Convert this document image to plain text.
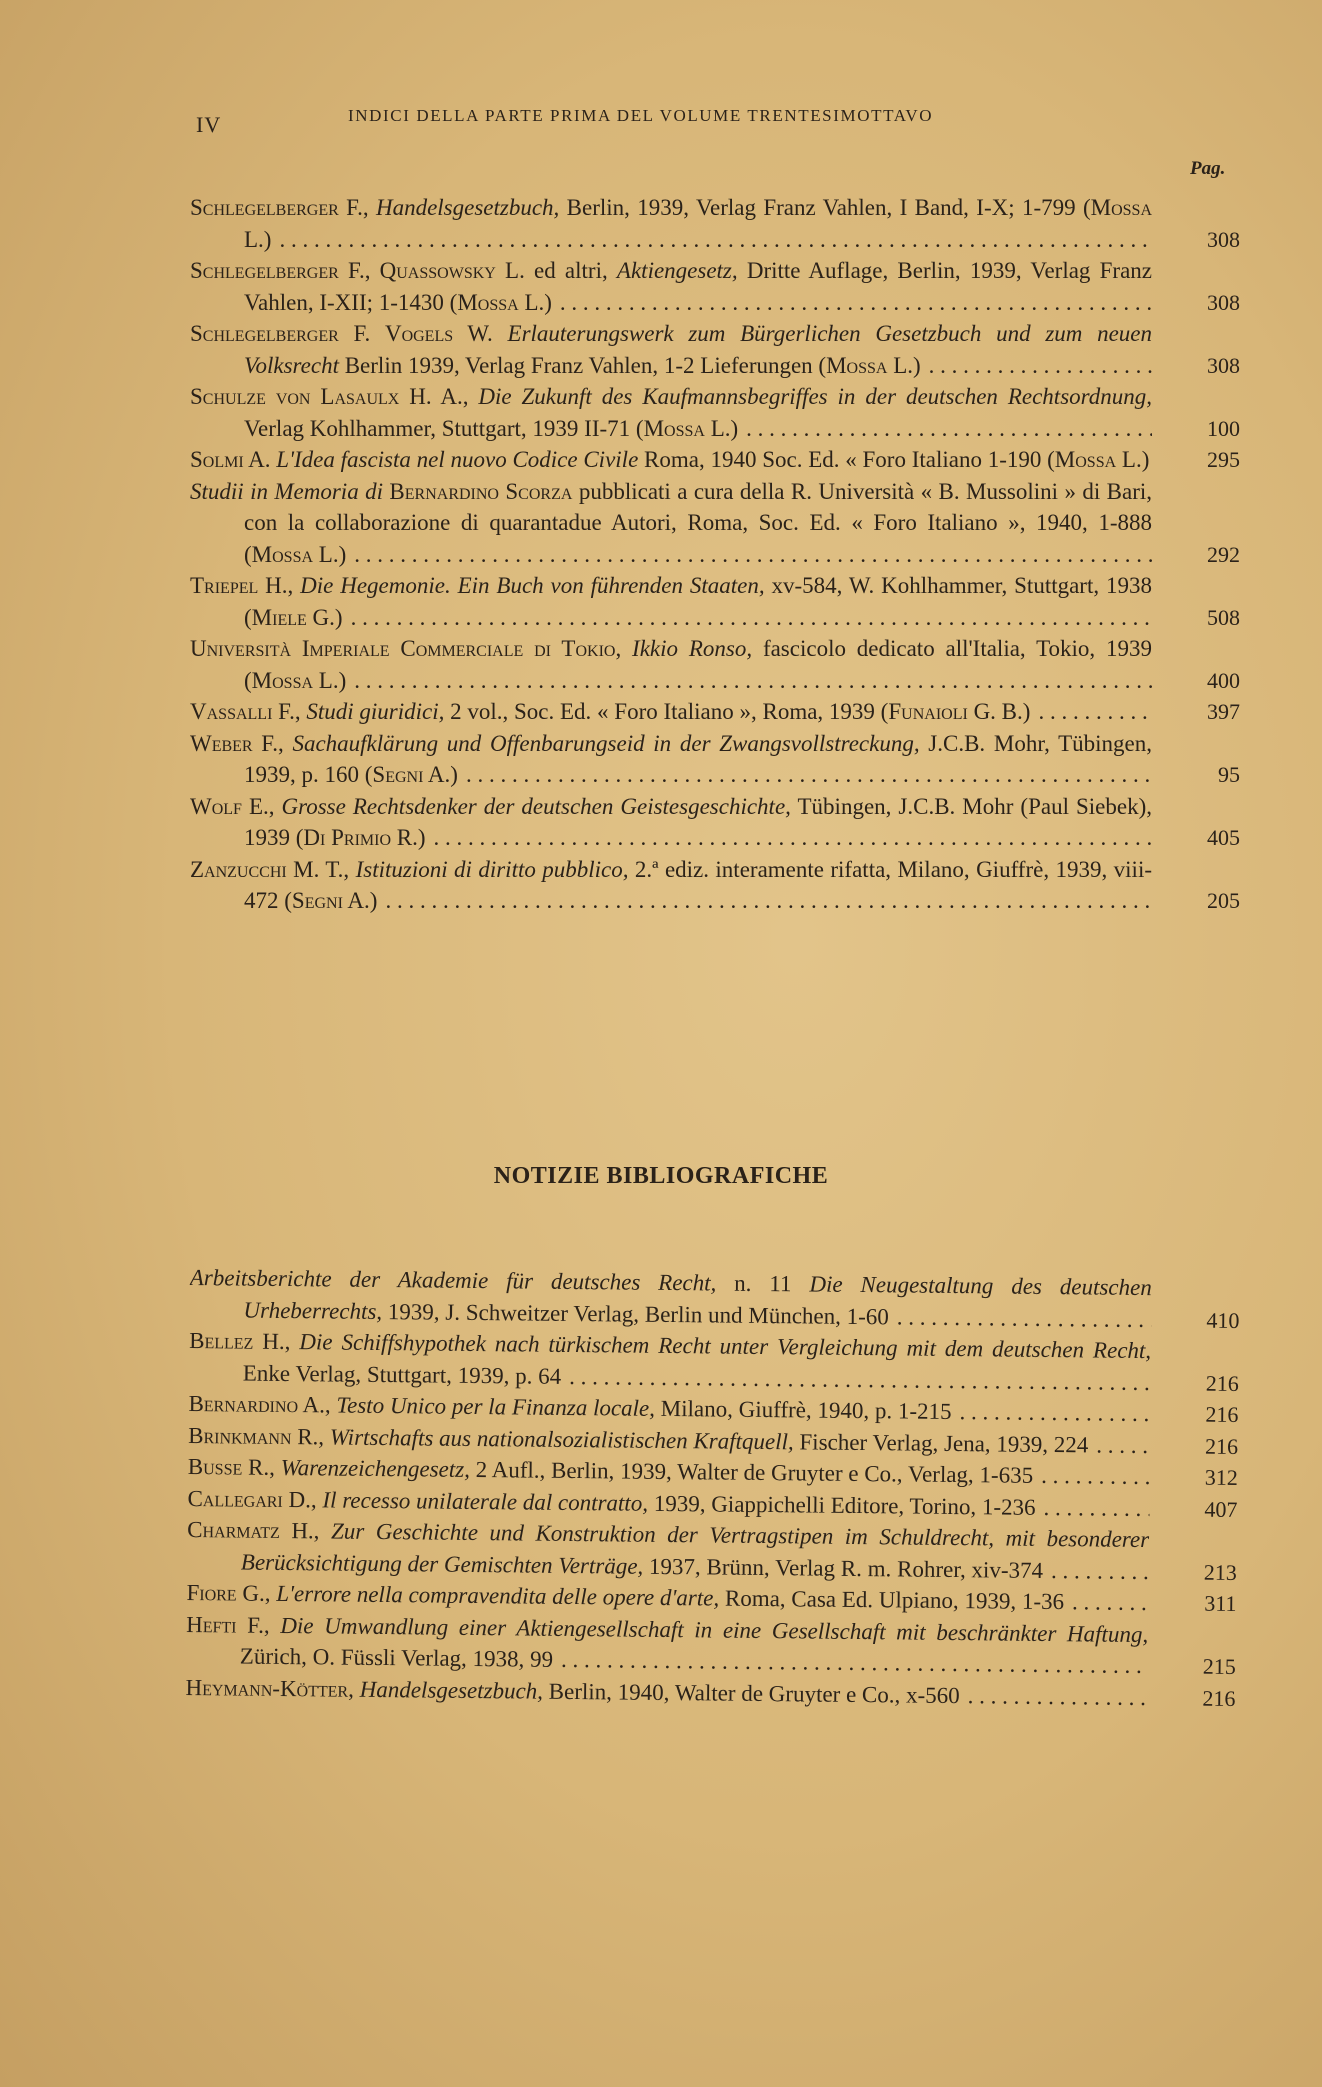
IV	INDICI DELLA PARTE PRIMA DEL VOLUME TRENTESIMOTTAVO
Pag.
Schlegelberger F., Handelsgesetzbuch, Berlin, 1939, Verlag Franz Vahlen, I Band, I-X; 1-799 (Mossa L.)	308
Schlegelberger F., Quassowsky L. ed altri, Aktiengesetz, Dritte Auflage, Berlin, 1939, Verlag Franz Vahlen, I-XII; 1-1430 (Mossa L.)	308
Schlegelberger F. Vogels W. Erlauterungswerk zum Bürgerlichen Gesetzbuch und zum neuen Volksrecht Berlin 1939, Verlag Franz Vahlen, 1-2 Lieferungen (Mossa L.)	308
Schulze von Lasaulx H. A., Die Zukunft des Kaufmannsbegriffes in der deutschen Rechtsordnung, Verlag Kohlhammer, Stuttgart, 1939 II-71 (Mossa L.)	100
Solmi A. L'Idea fascista nel nuovo Codice Civile Roma, 1940 Soc. Ed. « Foro Italiano 1-190 (Mossa L.)	295
Studii in Memoria di Bernardino Scorza pubblicati a cura della R. Università « B. Mussolini » di Bari, con la collaborazione di quarantadue Autori, Roma, Soc. Ed. « Foro Italiano », 1940, 1-888 (Mossa L.)	292
Triepel H., Die Hegemonie. Ein Buch von führenden Staaten, xv-584, W. Kohlhammer, Stuttgart, 1938 (Miele G.)	508
Università Imperiale Commerciale di Tokio, Ikkio Ronso, fascicolo dedicato all'Italia, Tokio, 1939 (Mossa L.)	400
Vassalli F., Studi giuridici, 2 vol., Soc. Ed. « Foro Italiano », Roma, 1939 (Funaioli G. B.)	397
Weber F., Sachaufklärung und Offenbarungseid in der Zwangsvollstreckung, J.C.B. Mohr, Tübingen, 1939, p. 160 (Segni A.)	95
Wolf E., Grosse Rechtsdenker der deutschen Geistesgeschichte, Tübingen, J.C.B. Mohr (Paul Siebek), 1939 (Di Primio R.)	405
Zanzucchi M. T., Istituzioni di diritto pubblico, 2.ª ediz. interamente rifatta, Milano, Giuffrè, 1939, viii-472 (Segni A.)	205
NOTIZIE BIBLIOGRAFICHE
Arbeitsberichte der Akademie für deutsches Recht, n. 11 Die Neugestaltung des deutschen Urheberrechts, 1939, J. Schweitzer Verlag, Berlin und München, 1-60 . . .	410
Bellez H., Die Schiffshypothek nach türkischem Recht unter Vergleichung mit dem deutschen Recht, Enke Verlag, Stuttgart, 1939, p. 64 . . .	216
Bernardino A., Testo Unico per la Finanza locale, Milano, Giuffrè, 1940, p. 1-215 . . .	216
Brinkmann R., Wirtschafts aus nationalsozialistischen Kraftquell, Fischer Verlag, Jena, 1939, 224 . . .	216
Busse R., Warenzeichengesetz, 2 Aufl., Berlin, 1939, Walter de Gruyter e Co., Verlag, 1-635 . . .	312
Callegari D., Il recesso unilaterale dal contratto, 1939, Giappichelli Editore, Torino, 1-236 . . .	407
Charmatz H., Zur Geschichte und Konstruktion der Vertragstipen im Schuldrecht, mit besonderer Berücksichtigung der Gemischten Verträge, 1937, Brünn, Verlag R. m. Rohrer, xiv-374 . . .	213
Fiore G., L'errore nella compravendita delle opere d'arte, Roma, Casa Ed. Ulpiano, 1939, 1-36 . . .	311
Hefti F., Die Umwandlung einer Aktiengesellschaft in eine Gesellschaft mit beschränkter Haftung, Zürich, O. Füssli Verlag, 1938, 99 . . .	215
Heymann-Kötter, Handelsgesetzbuch, Berlin, 1940, Walter de Gruyter e Co., x-560 . . .	216
